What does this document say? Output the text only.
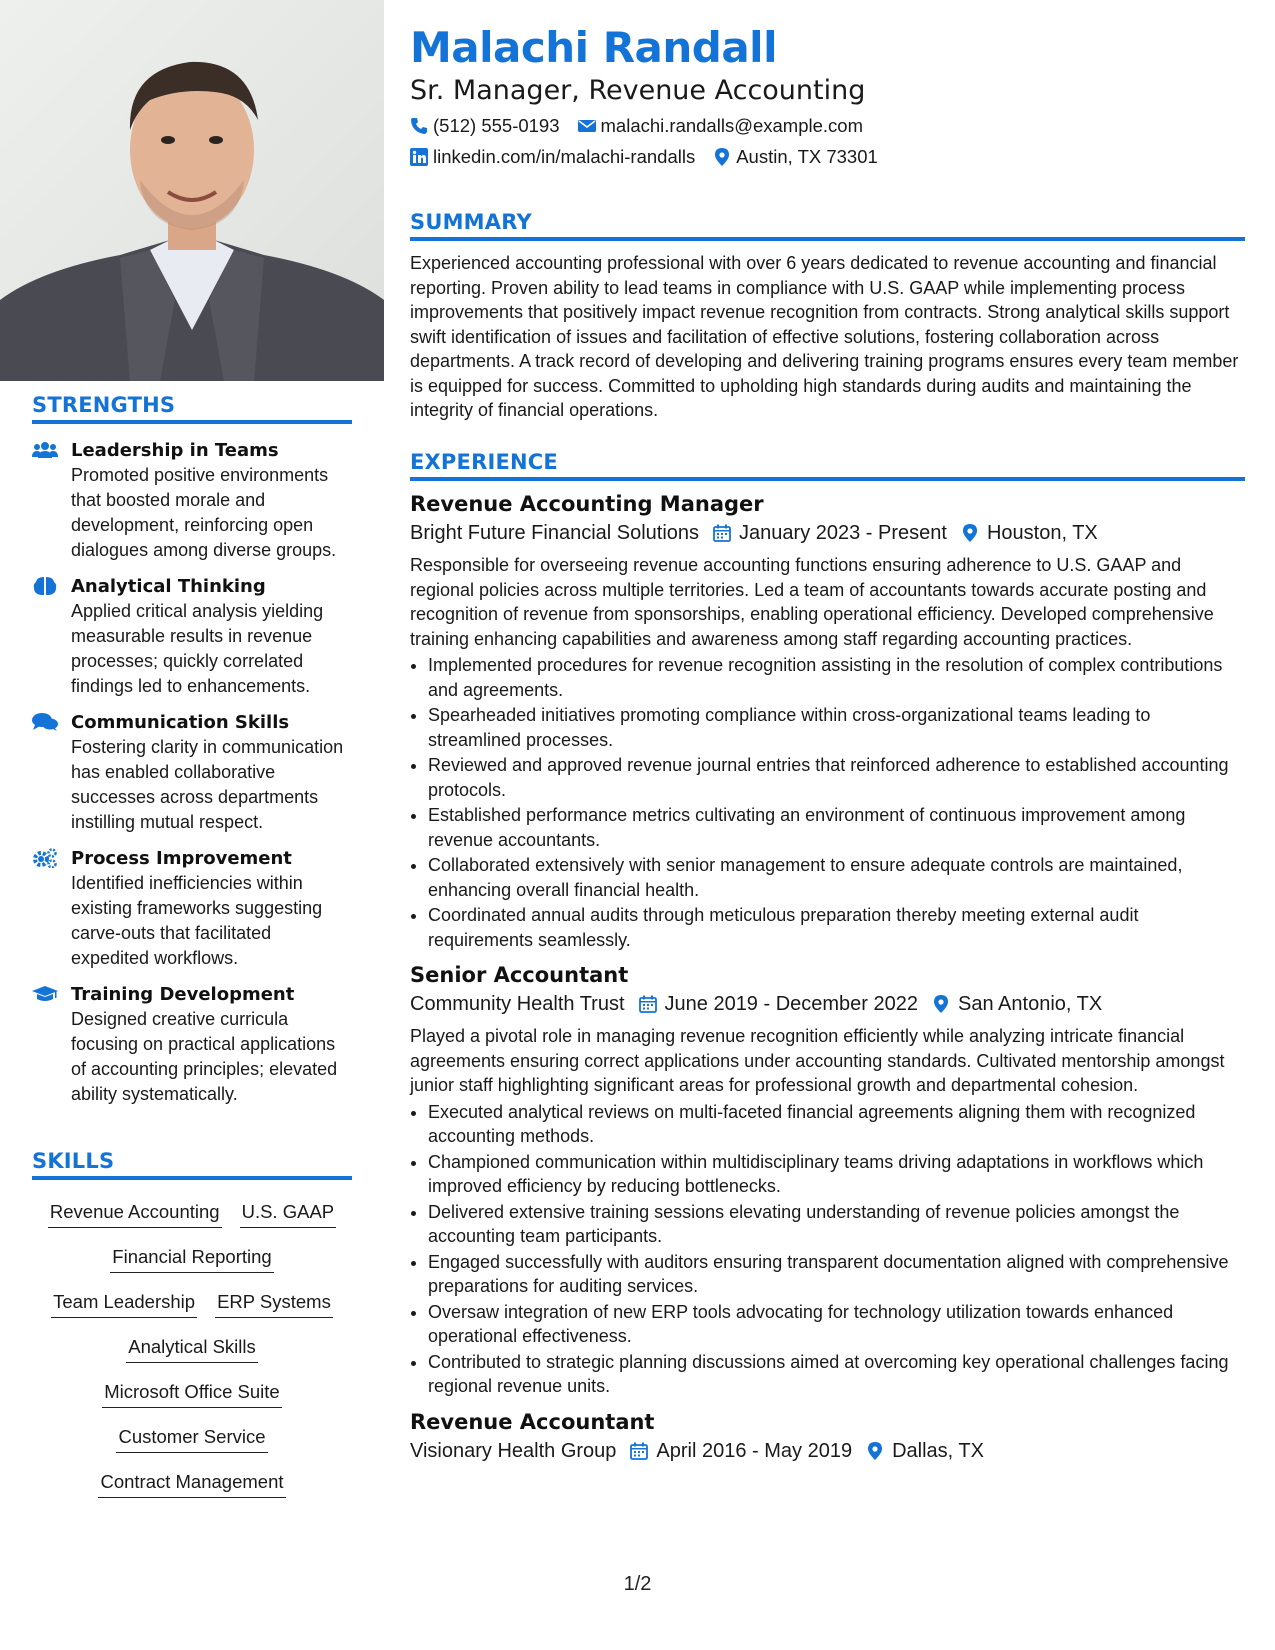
STRENGTHS
Leadership in Teams
Promoted positive environments that boosted morale and development, reinforcing open dialogues among diverse groups.
Analytical Thinking
Applied critical analysis yielding measurable results in revenue processes; quickly correlated findings led to enhancements.
Communication Skills
Fostering clarity in communication has enabled collaborative successes across departments instilling mutual respect.
Process Improvement
Identified inefficiencies within existing frameworks suggesting carve-outs that facilitated expedited workflows.
Training Development
Designed creative curricula focusing on practical applications of accounting principles; elevated ability systematically.
SKILLS
Revenue Accounting U.S. GAAP
Financial Reporting
Team Leadership ERP Systems
Analytical Skills
Microsoft Office Suite
Customer Service
Contract Management
Malachi Randall
Sr. Manager, Revenue Accounting
(512) 555-0193 malachi.randalls@example.com
linkedin.com/in/malachi-randalls Austin, TX 73301
SUMMARY
Experienced accounting professional with over 6 years dedicated to revenue accounting and financial reporting. Proven ability to lead teams in compliance with U.S. GAAP while implementing process improvements that positively impact revenue recognition from contracts. Strong analytical skills support swift identification of issues and facilitation of effective solutions, fostering collaboration across departments. A track record of developing and delivering training programs ensures every team member is equipped for success. Committed to upholding high standards during audits and maintaining the integrity of financial operations.
EXPERIENCE
Revenue Accounting Manager
Bright Future Financial Solutions January 2023 - Present Houston, TX
Responsible for overseeing revenue accounting functions ensuring adherence to U.S. GAAP and regional policies across multiple territories. Led a team of accountants towards accurate posting and recognition of revenue from sponsorships, enabling operational efficiency. Developed comprehensive training enhancing capabilities and awareness among staff regarding accounting practices.
• Implemented procedures for revenue recognition assisting in the resolution of complex contributions and agreements.
• Spearheaded initiatives promoting compliance within cross-organizational teams leading to streamlined processes.
• Reviewed and approved revenue journal entries that reinforced adherence to established accounting protocols.
• Established performance metrics cultivating an environment of continuous improvement among revenue accountants.
• Collaborated extensively with senior management to ensure adequate controls are maintained, enhancing overall financial health.
• Coordinated annual audits through meticulous preparation thereby meeting external audit requirements seamlessly.
Senior Accountant
Community Health Trust June 2019 - December 2022 San Antonio, TX
Played a pivotal role in managing revenue recognition efficiently while analyzing intricate financial agreements ensuring correct applications under accounting standards. Cultivated mentorship amongst junior staff highlighting significant areas for professional growth and departmental cohesion.
• Executed analytical reviews on multi-faceted financial agreements aligning them with recognized accounting methods.
• Championed communication within multidisciplinary teams driving adaptations in workflows which improved efficiency by reducing bottlenecks.
• Delivered extensive training sessions elevating understanding of revenue policies amongst the accounting team participants.
• Engaged successfully with auditors ensuring transparent documentation aligned with comprehensive preparations for auditing services.
• Oversaw integration of new ERP tools advocating for technology utilization towards enhanced operational effectiveness.
• Contributed to strategic planning discussions aimed at overcoming key operational challenges facing regional revenue units.
Revenue Accountant
Visionary Health Group April 2016 - May 2019 Dallas, TX
1/2
